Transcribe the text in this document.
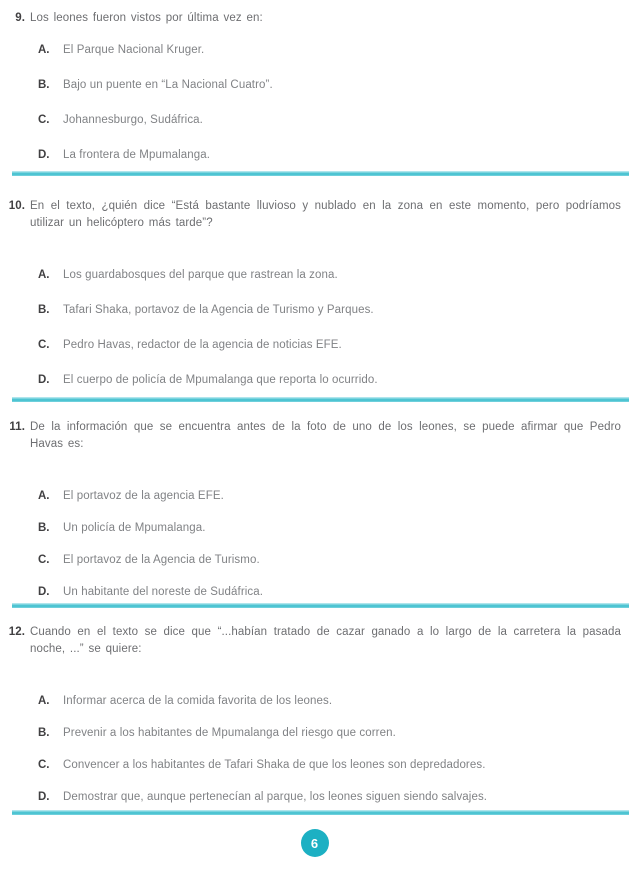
9. Los leones fueron vistos por última vez en:

A.	El Parque Nacional Kruger.
B.	Bajo un puente en “La Nacional Cuatro”.
C.	Johannesburgo, Sudáfrica.
D.	La frontera de Mpumalanga.
10. En el texto, ¿quién dice “Está bastante lluvioso y nublado en la zona en este momento, pero podríamos utilizar un helicóptero más tarde”?

A.	Los guardabosques del parque que rastrean la zona.
B.	Tafari Shaka, portavoz de la Agencia de Turismo y Parques.
C.	Pedro Havas, redactor de la agencia de noticias EFE.
D.	El cuerpo de policía de Mpumalanga que reporta lo ocurrido.
11. De la información que se encuentra antes de la foto de uno de los leones, se puede afirmar que Pedro Havas es:

A.	El portavoz de la agencia EFE.
B.	Un policía de Mpumalanga.
C.	El portavoz de la Agencia de Turismo.
D.	Un habitante del noreste de Sudáfrica.
12. Cuando en el texto se dice que “...habían tratado de cazar ganado a lo largo de la carretera la pasada noche, ...” se quiere:

A.	Informar acerca de la comida favorita de los leones.
B.	Prevenir a los habitantes de Mpumalanga del riesgo que corren.
C.	Convencer a los habitantes de Tafari Shaka de que los leones son depredadores.
D.	Demostrar que, aunque pertenecían al parque, los leones siguen siendo salvajes.
6
